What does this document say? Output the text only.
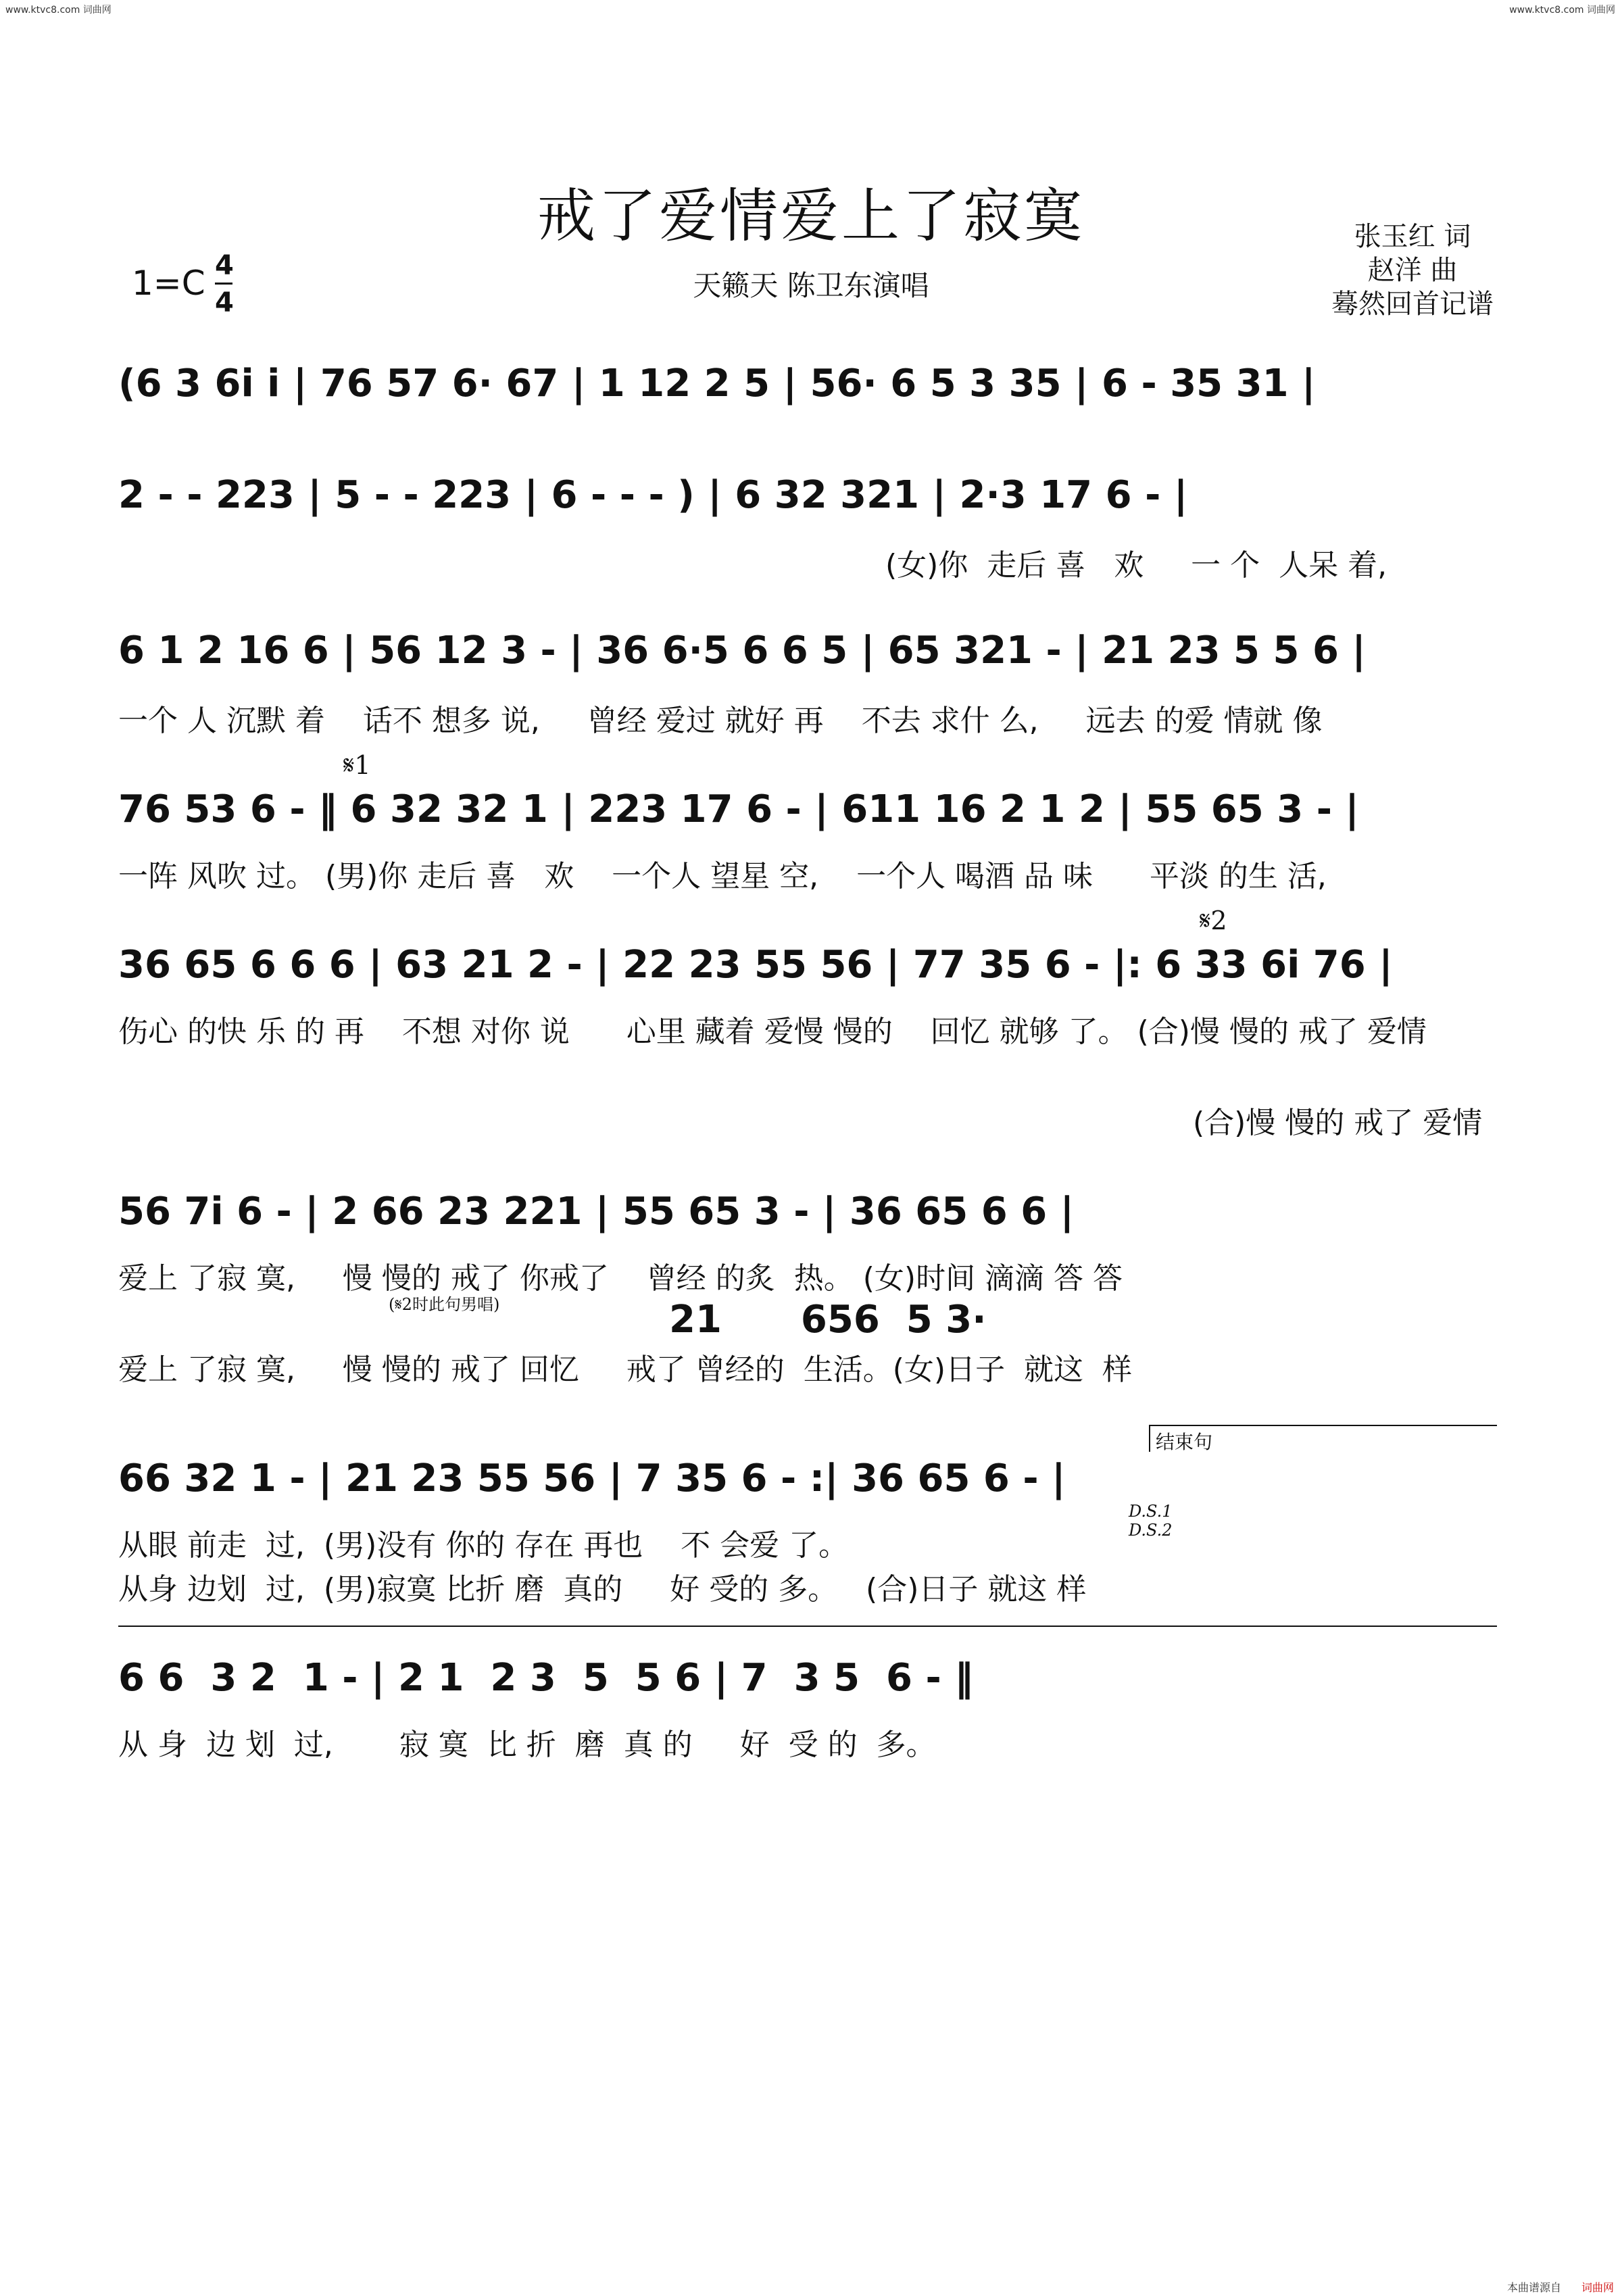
www.ktvc8.com 词曲网	www.ktvc8.com 词曲网
戒了爱情爱上了寂寞
天籁天 陈卫东演唱
1=C 4
4
张玉红 词
赵洋 曲
蓦然回首记谱
(6 3 6i i | 76 57 6· 67 | 1 12 2 5 | 56· 6 5 3 35 | 6 - 35 31 |
2 - - 223 | 5 - - 223 | 6 - - - ) | 6 32 321 | 2·3 17 6 - |
(女)你  走后 喜   欢     一 个  人呆 着,
6 1 2 16 6 | 56 12 3 - | 36 6·5 6 6 5 | 65 321 - | 21 23 5 5 6 |
一个 人 沉默 着    话不 想多 说,     曾经 爱过 就好 再    不去 求什 么,     远去 的爱 情就 像
𝄋1
76 53 6 - ‖ 6 32 32 1 | 223 17 6 - | 611 16 2 1 2 | 55 65 3 - |
一阵 风吹 过。 (男)你 走后 喜   欢    一个人 望星 空,    一个人 喝酒 品 味      平淡 的生 活,
𝄋2
36 65 6 6 6 | 63 21 2 - | 22 23 55 56 | 77 35 6 - |: 6 33 6i 76 |
伤心 的快 乐 的 再    不想 对你 说      心里 藏着 爱慢 慢的    回忆 就够 了。 (合)慢 慢的 戒了 爱情
(合)慢 慢的 戒了 爱情
56 7i 6 - | 2 66 23 221 | 55 65 3 - | 36 65 6 6 |
爱上 了寂 寞,     慢 慢的 戒了 你戒了    曾经 的炙  热。 (女)时间 滴滴 答 答
(𝄋2时此句男唱)	21      656  5 3·
爱上 了寂 寞,     慢 慢的 戒了 回忆     戒了 曾经的  生活。(女)日子  就这  样
结束句
66 32 1 - | 21 23 55 56 | 7 35 6 - :| 36 65 6 - |
D.S.1
D.S.2
从眼 前走  过,  (男)没有 你的 存在 再也    不 会爱 了。
从身 边划  过,  (男)寂寞 比折 磨  真的     好 受的 多。   (合)日子 就这 样
6 6  3 2  1 - | 2 1  2 3  5  5 6 | 7  3 5  6 - ‖
从 身  边 划  过,       寂 寞  比 折  磨  真 的     好  受 的  多。
本曲谱源自 词曲网
